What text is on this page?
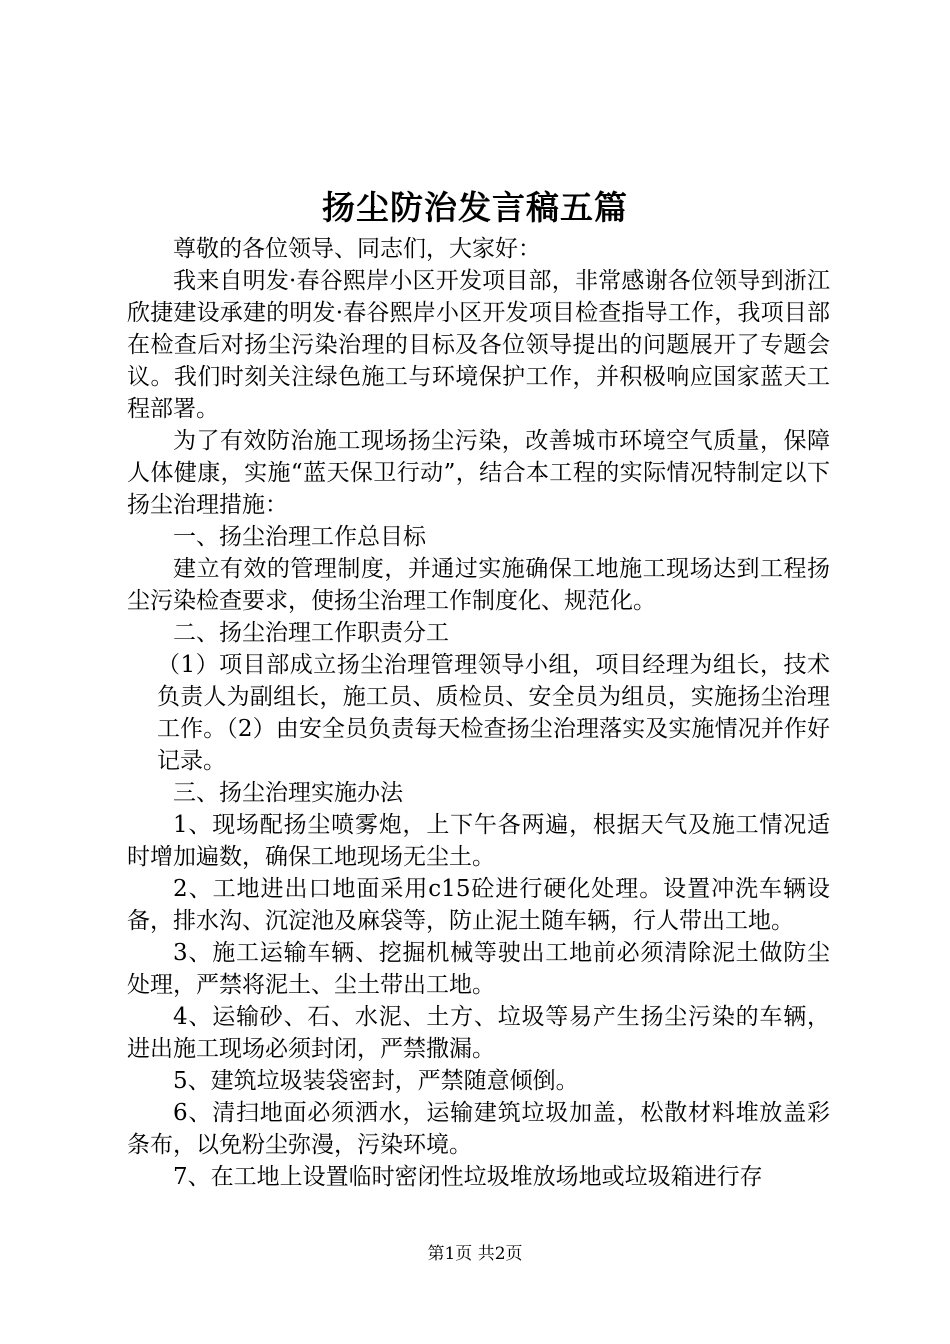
扬尘防治发言稿五篇

尊敬的各位领导、同志们，大家好：

我来自明发·春谷熙岸小区开发项目部，非常感谢各位领导到浙江欣捷建设承建的明发·春谷熙岸小区开发项目检查指导工作，我项目部在检查后对扬尘污染治理的目标及各位领导提出的问题展开了专题会议。我们时刻关注绿色施工与环境保护工作，并积极响应国家蓝天工程部署。

为了有效防治施工现场扬尘污染，改善城市环境空气质量，保障人体健康，实施“蓝天保卫行动”，结合本工程的实际情况特制定以下扬尘治理措施：

一、扬尘治理工作总目标

建立有效的管理制度，并通过实施确保工地施工现场达到工程扬尘污染检查要求，使扬尘治理工作制度化、规范化。

二、扬尘治理工作职责分工

（1）项目部成立扬尘治理管理领导小组，项目经理为组长，技术负责人为副组长，施工员、质检员、安全员为组员，实施扬尘治理工作。（2）由安全员负责每天检查扬尘治理落实及实施情况并作好记录。

三、扬尘治理实施办法

1、现场配扬尘喷雾炮，上下午各两遍，根据天气及施工情况适时增加遍数，确保工地现场无尘土。

2、工地进出口地面采用c15砼进行硬化处理。设置冲洗车辆设备，排水沟、沉淀池及麻袋等，防止泥土随车辆，行人带出工地。

3、施工运输车辆、挖掘机械等驶出工地前必须清除泥土做防尘处理，严禁将泥土、尘土带出工地。

4、运输砂、石、水泥、土方、垃圾等易产生扬尘污染的车辆，进出施工现场必须封闭，严禁撒漏。

5、建筑垃圾装袋密封，严禁随意倾倒。

6、清扫地面必须洒水，运输建筑垃圾加盖，松散材料堆放盖彩条布，以免粉尘弥漫，污染环境。

7、在工地上设置临时密闭性垃圾堆放场地或垃圾箱进行存

第1页 共2页
